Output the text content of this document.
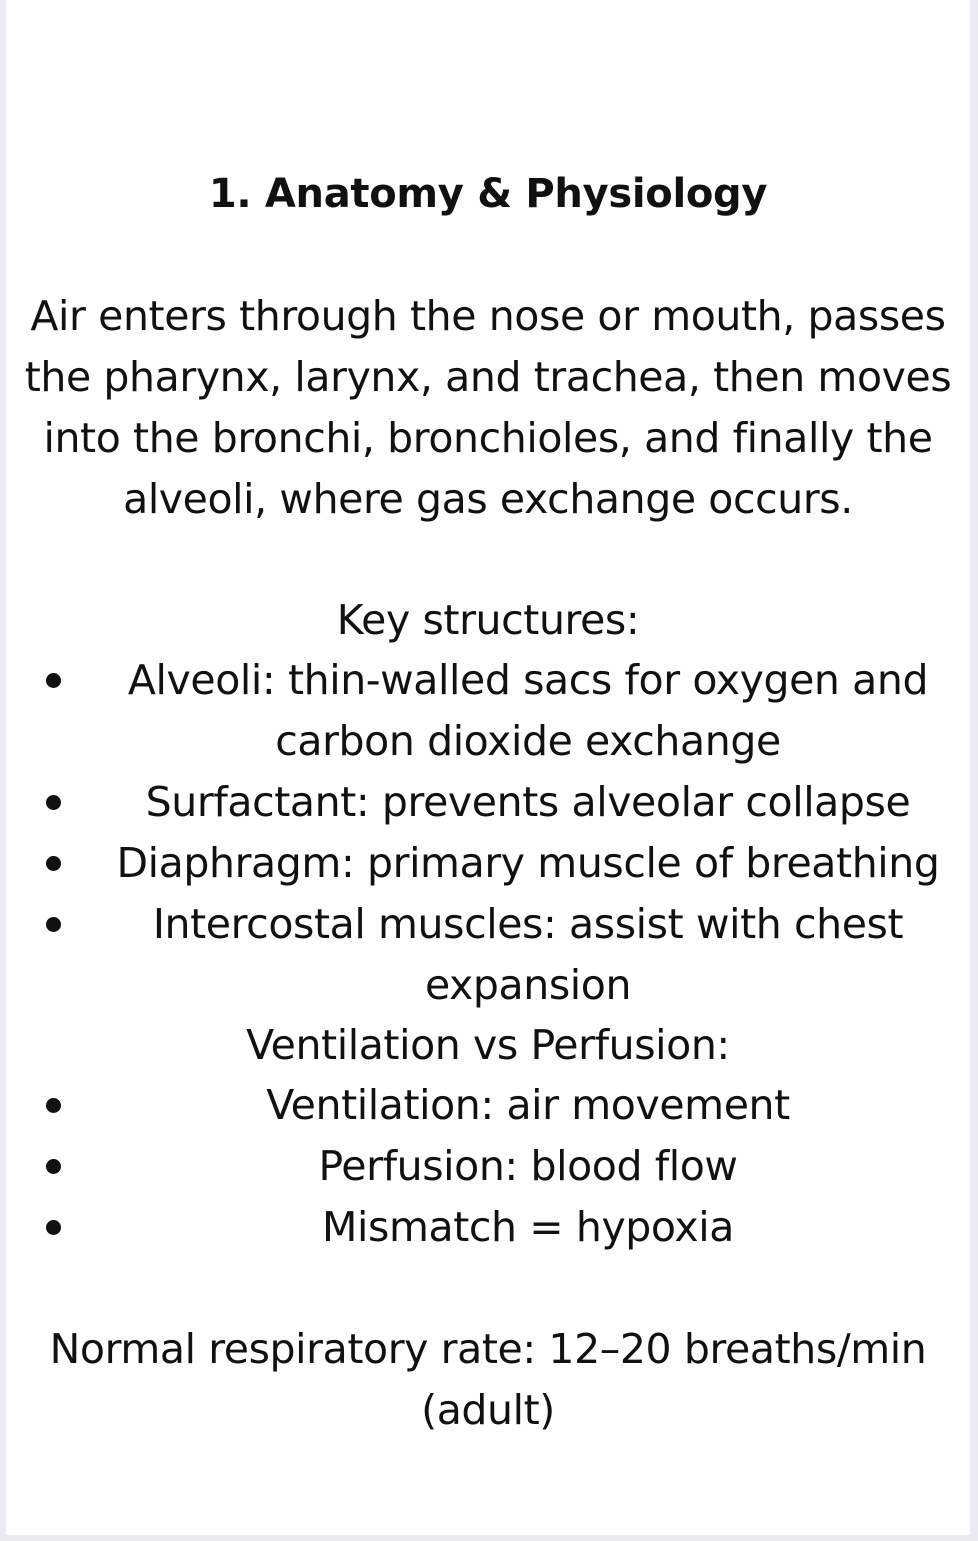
1. Anatomy & Physiology
Air enters through the nose or mouth, passes the pharynx, larynx, and trachea, then moves into the bronchi, bronchioles, and finally the alveoli, where gas exchange occurs.
Key structures:
Alveoli: thin-walled sacs for oxygen and carbon dioxide exchange
Surfactant: prevents alveolar collapse
Diaphragm: primary muscle of breathing
Intercostal muscles: assist with chest expansion
Ventilation vs Perfusion:
Ventilation: air movement
Perfusion: blood flow
Mismatch = hypoxia
Normal respiratory rate: 12–20 breaths/min (adult)
